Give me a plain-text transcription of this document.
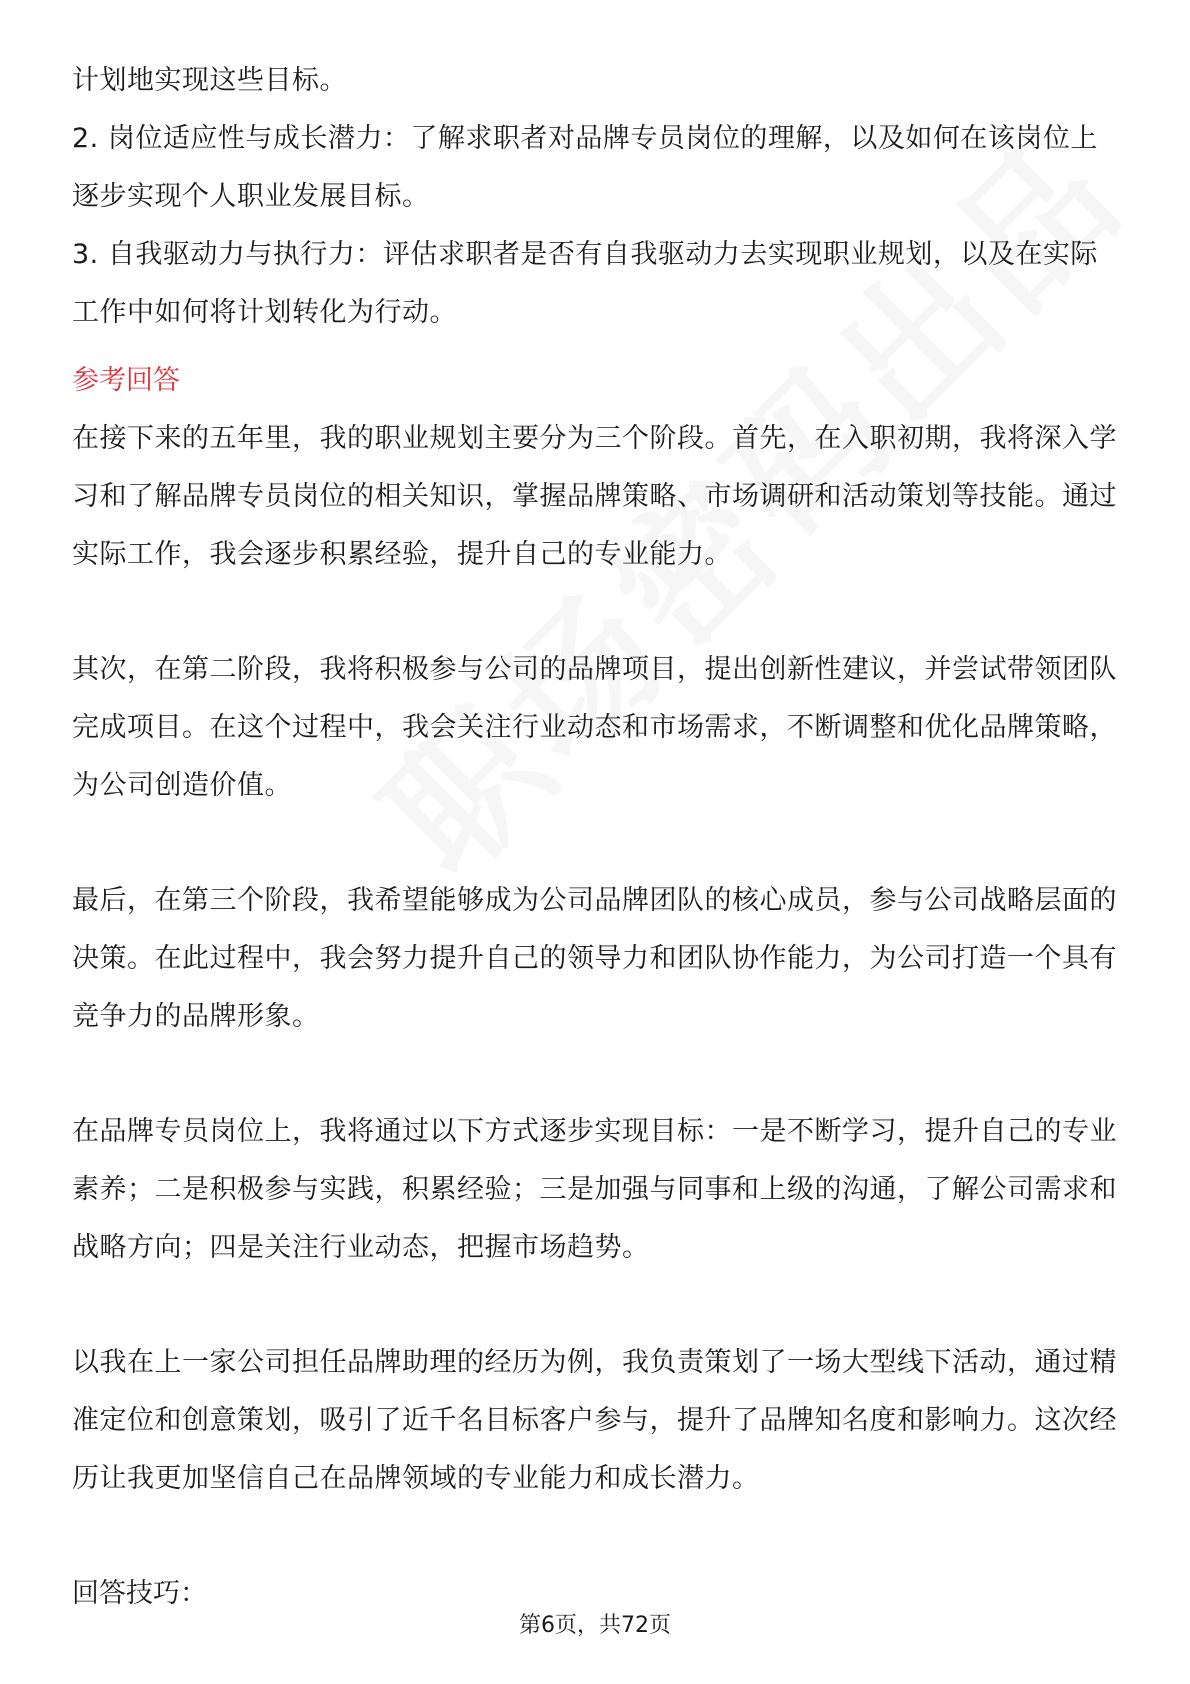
计划地实现这些目标。

2. 岗位适应性与成长潜力：了解求职者对品牌专员岗位的理解，以及如何在该岗位上逐步实现个人职业发展目标。

3. 自我驱动力与执行力：评估求职者是否有自我驱动力去实现职业规划，以及在实际工作中如何将计划转化为行动。

参考回答

在接下来的五年里，我的职业规划主要分为三个阶段。首先，在入职初期，我将深入学习和了解品牌专员岗位的相关知识，掌握品牌策略、市场调研和活动策划等技能。通过实际工作，我会逐步积累经验，提升自己的专业能力。

其次，在第二阶段，我将积极参与公司的品牌项目，提出创新性建议，并尝试带领团队完成项目。在这个过程中，我会关注行业动态和市场需求，不断调整和优化品牌策略，为公司创造价值。

最后，在第三个阶段，我希望能够成为公司品牌团队的核心成员，参与公司战略层面的决策。在此过程中，我会努力提升自己的领导力和团队协作能力，为公司打造一个具有竞争力的品牌形象。

在品牌专员岗位上，我将通过以下方式逐步实现目标：一是不断学习，提升自己的专业素养；二是积极参与实践，积累经验；三是加强与同事和上级的沟通，了解公司需求和战略方向；四是关注行业动态，把握市场趋势。

以我在上一家公司担任品牌助理的经历为例，我负责策划了一场大型线下活动，通过精准定位和创意策划，吸引了近千名目标客户参与，提升了品牌知名度和影响力。这次经历让我更加坚信自己在品牌领域的专业能力和成长潜力。

回答技巧：

第6页，共72页
